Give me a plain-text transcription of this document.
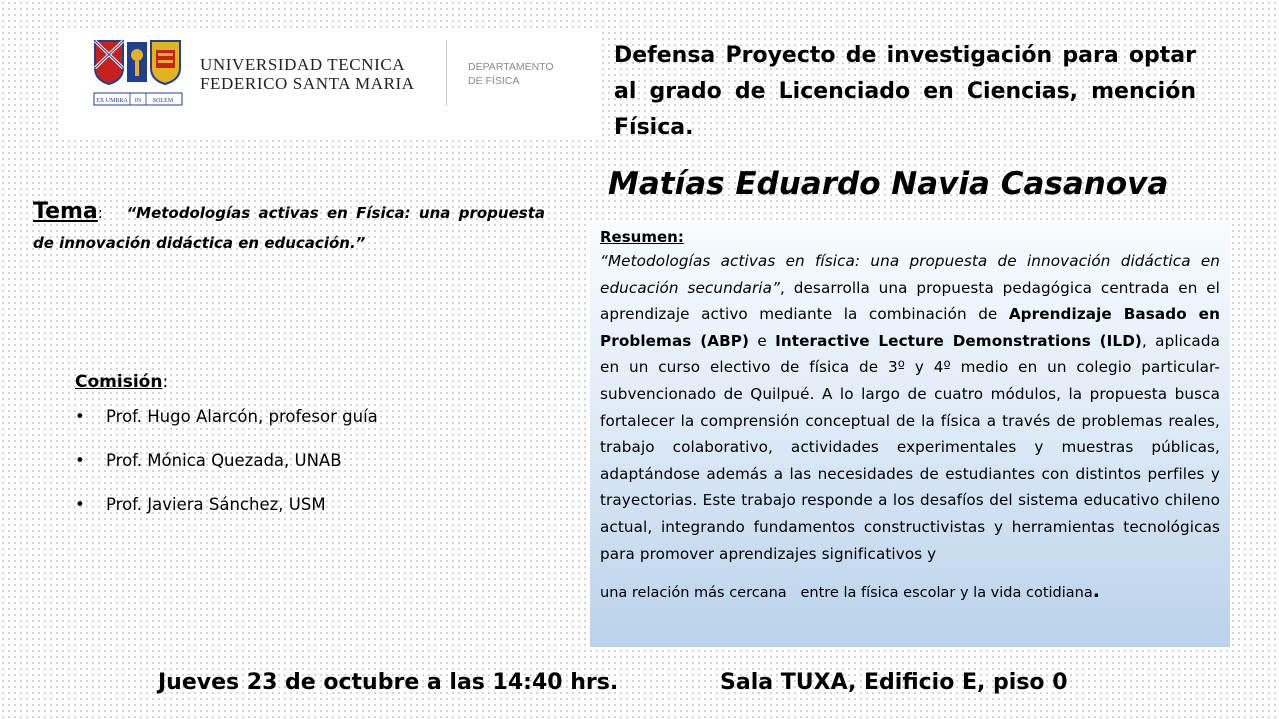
EX UMBRA IN SOLEM
UNIVERSIDAD TECNICA
FEDERICO SANTA MARIA
DEPARTAMENTO
DE FÍSICA
Defensa Proyecto de investigación para optar al grado de Licenciado en Ciencias, mención Física.
Matías Eduardo Navia Casanova
Tema: “Metodologías activas en Física: una propuesta de innovación didáctica en educación.”
Comisión:
• Prof. Hugo Alarcón, profesor guía
• Prof. Mónica Quezada, UNAB
• Prof. Javiera Sánchez, USM
Resumen:
“Metodologías activas en física: una propuesta de innovación didáctica en educación secundaria”, desarrolla una propuesta pedagógica centrada en el aprendizaje activo mediante la combinación de Aprendizaje Basado en Problemas (ABP) e Interactive Lecture Demonstrations (ILD), aplicada en un curso electivo de física de 3º y 4º medio en un colegio particular-subvencionado de Quilpué. A lo largo de cuatro módulos, la propuesta busca fortalecer la comprensión conceptual de la física a través de problemas reales, trabajo colaborativo, actividades experimentales y muestras públicas, adaptándose además a las necesidades de estudiantes con distintos perfiles y trayectorias. Este trabajo responde a los desafíos del sistema educativo chileno actual, integrando fundamentos constructivistas y herramientas tecnológicas para promover aprendizajes significativos y
una relación más cercana   entre la física escolar y la vida cotidiana.
Jueves 23 de octubre a las 14:40 hrs.	Sala TUXA, Edificio E, piso 0
